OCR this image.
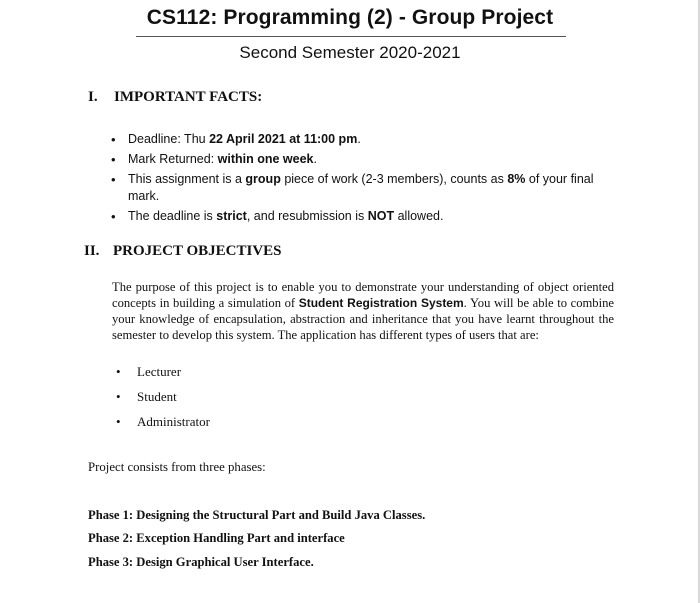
CS112: Programming (2) - Group Project

Second Semester 2020-2021

I. IMPORTANT FACTS:
• Deadline: Thu 22 April 2021 at 11:00 pm.
• Mark Returned: within one week.
• This assignment is a group piece of work (2-3 members), counts as 8% of your final mark.
• The deadline is strict, and resubmission is NOT allowed.
II. PROJECT OBJECTIVES

The purpose of this project is to enable you to demonstrate your understanding of object oriented concepts in building a simulation of Student Registration System. You will be able to combine your knowledge of encapsulation, abstraction and inheritance that you have learnt throughout the semester to develop this system. The application has different types of users that are:

• Lecturer
• Student
• Administrator

Project consists from three phases:

Phase 1: Designing the Structural Part and Build Java Classes.

Phase 2: Exception Handling Part and interface

Phase 3: Design Graphical User Interface.
